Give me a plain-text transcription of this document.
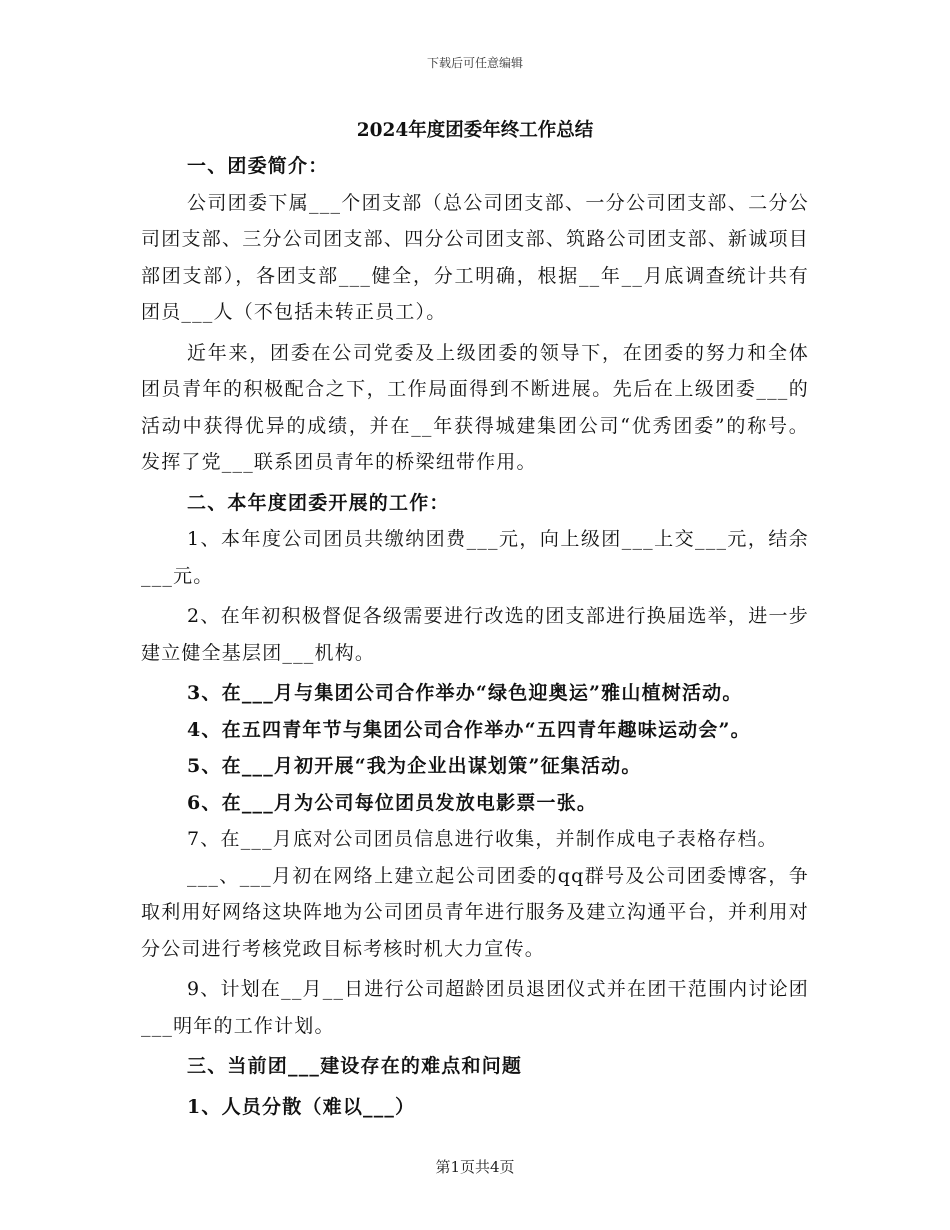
下载后可任意编辑
2024年度团委年终工作总结

一、团委简介：

公司团委下属___个团支部（总公司团支部、一分公司团支部、二分公司团支部、三分公司团支部、四分公司团支部、筑路公司团支部、新诚项目部团支部），各团支部___健全，分工明确，根据__年__月底调查统计共有团员___人（不包括未转正员工）。

近年来，团委在公司党委及上级团委的领导下，在团委的努力和全体团员青年的积极配合之下，工作局面得到不断进展。先后在上级团委___的活动中获得优异的成绩，并在__年获得城建集团公司“优秀团委”的称号。发挥了党___联系团员青年的桥梁纽带作用。

二、本年度团委开展的工作：

1、本年度公司团员共缴纳团费___元，向上级团___上交___元，结余___元。

2、在年初积极督促各级需要进行改选的团支部进行换届选举，进一步建立健全基层团___机构。

3、在___月与集团公司合作举办“绿色迎奥运”雅山植树活动。

4、在五四青年节与集团公司合作举办“五四青年趣味运动会”。

5、在___月初开展“我为企业出谋划策”征集活动。

6、在___月为公司每位团员发放电影票一张。

7、在___月底对公司团员信息进行收集，并制作成电子表格存档。

___、___月初在网络上建立起公司团委的qq群号及公司团委博客，争取利用好网络这块阵地为公司团员青年进行服务及建立沟通平台，并利用对分公司进行考核党政目标考核时机大力宣传。

9、计划在__月__日进行公司超龄团员退团仪式并在团干范围内讨论团___明年的工作计划。

三、当前团___建设存在的难点和问题

1、人员分散（难以___）

第1页共4页
